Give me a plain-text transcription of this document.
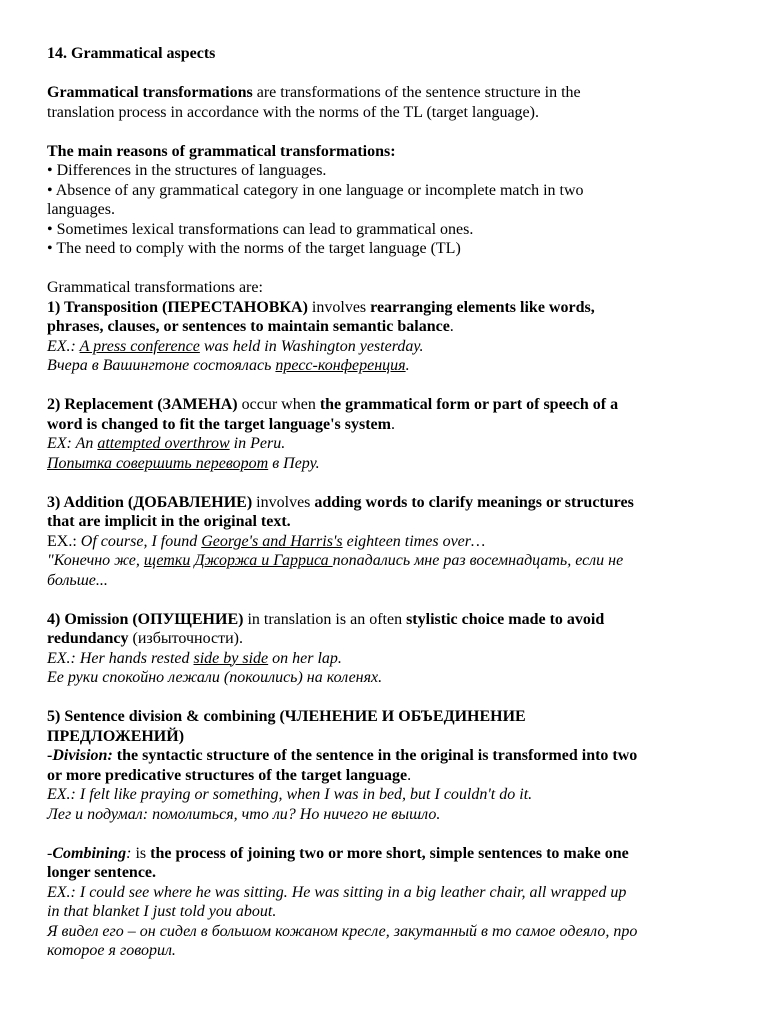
14. Grammatical aspects
Grammatical transformations are transformations of the sentence structure in the
translation process in accordance with the norms of the TL (target language).
The main reasons of grammatical transformations:
• Differences in the structures of languages.
• Absence of any grammatical category in one language or incomplete match in two
languages.
• Sometimes lexical transformations can lead to grammatical ones.
• The need to comply with the norms of the target language (TL)
Grammatical transformations are:
1) Transposition (ПЕРЕСТАНОВКА) involves rearranging elements like words,
phrases, clauses, or sentences to maintain semantic balance.
EX.: A press conference was held in Washington yesterday.
Вчера в Вашингтоне состоялась пресс-конференция.
2) Replacement (ЗАМЕНА) occur when the grammatical form or part of speech of a
word is changed to fit the target language's system.
EX: An attempted overthrow in Peru.
Попытка совершить переворот в Перу.
3) Addition (ДОБАВЛЕНИЕ) involves adding words to clarify meanings or structures
that are implicit in the original text.
EX.: Of course, I found George's and Harris's eighteen times over…
"Конечно же, щетки Джоржа и Гарриса попадались мне раз восемнадцать, если не
больше...
4) Omission (ОПУЩЕНИЕ) in translation is an often stylistic choice made to avoid
redundancy (избыточности).
EX.: Her hands rested side by side on her lap.
Ее руки спокойно лежали (покоились) на коленях.
5) Sentence division & combining (ЧЛЕНЕНИЕ И ОБЪЕДИНЕНИЕ
ПРЕДЛОЖЕНИЙ)
-Division: the syntactic structure of the sentence in the original is transformed into two
or more predicative structures of the target language.
EX.: I felt like praying or something, when I was in bed, but I couldn't do it.
Лег и подумал: помолиться, что ли? Но ничего не вышло.
-Combining: is the process of joining two or more short, simple sentences to make one
longer sentence.
EX.: I could see where he was sitting. He was sitting in a big leather chair, all wrapped up
in that blanket I just told you about.
Я видел его – он сидел в большом кожаном кресле, закутанный в то самое одеяло, про
которое я говорил.
